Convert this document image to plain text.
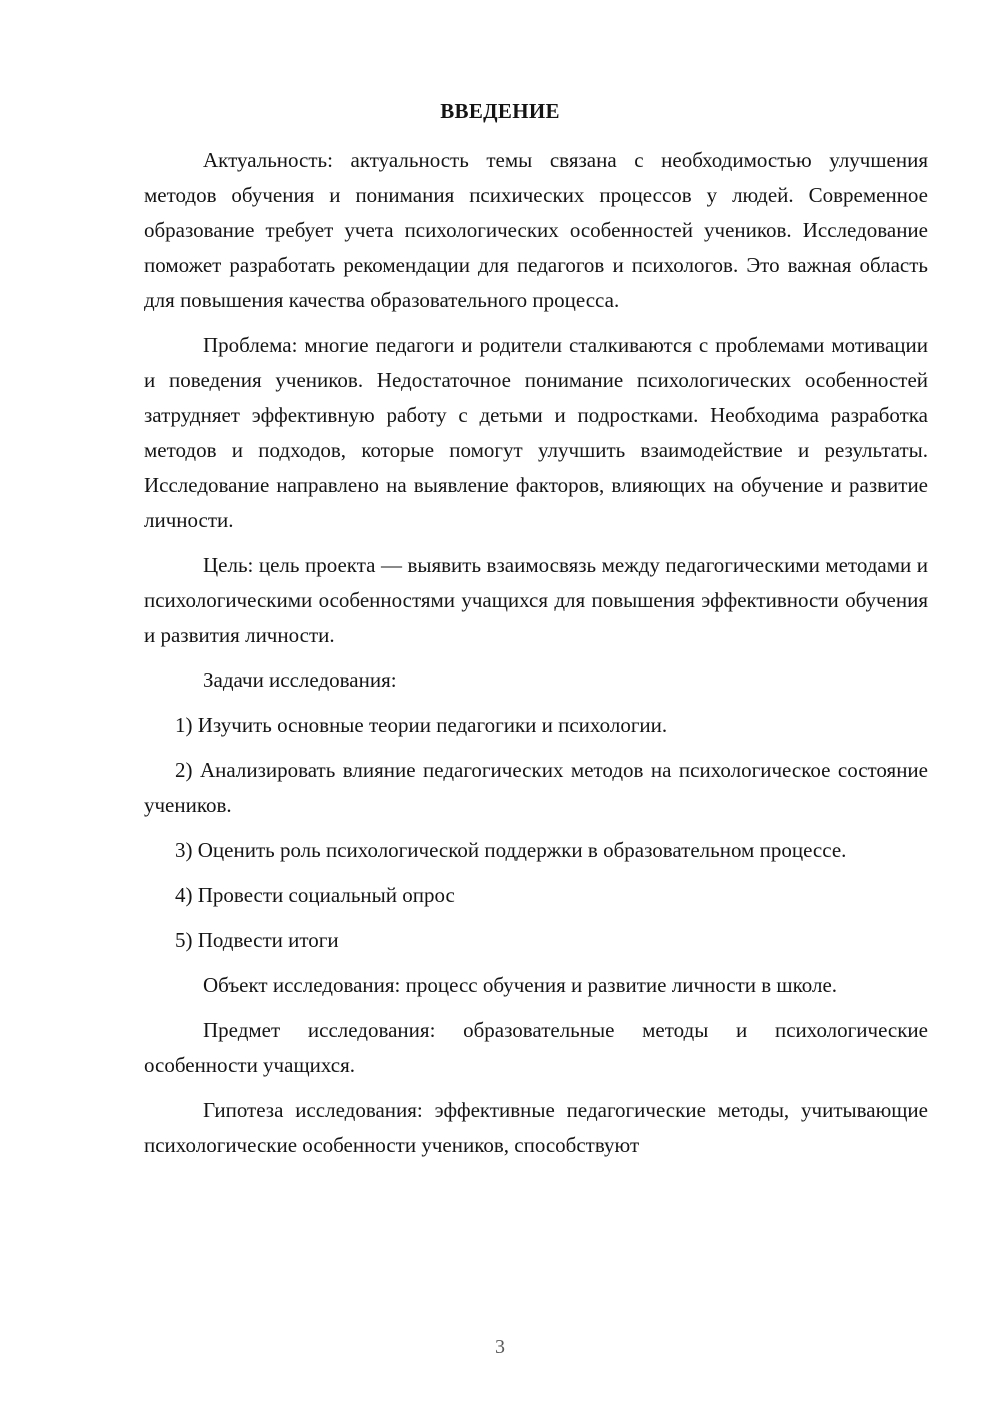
ВВЕДЕНИЕ

Актуальность: актуальность темы связана с необходимостью улучшения методов обучения и понимания психических процессов у людей. Современное образование требует учета психологических особенностей учеников. Исследование поможет разработать рекомендации для педагогов и психологов. Это важная область для повышения качества образовательного процесса.

Проблема: многие педагоги и родители сталкиваются с проблемами мотивации и поведения учеников. Недостаточное понимание психологических особенностей затрудняет эффективную работу с детьми и подростками. Необходима разработка методов и подходов, которые помогут улучшить взаимодействие и результаты. Исследование направлено на выявление факторов, влияющих на обучение и развитие личности.

Цель: цель проекта — выявить взаимосвязь между педагогическими методами и психологическими особенностями учащихся для повышения эффективности обучения и развития личности.

Задачи исследования:

1) Изучить основные теории педагогики и психологии.

2) Анализировать влияние педагогических методов на психологическое состояние учеников.

3) Оценить роль психологической поддержки в образовательном процессе.

4) Провести социальный опрос

5) Подвести итоги

Объект исследования: процесс обучения и развитие личности в школе.

Предмет исследования: образовательные методы и психологические особенности учащихся.

Гипотеза исследования: эффективные педагогические методы, учитывающие психологические особенности учеников, способствуют

3
